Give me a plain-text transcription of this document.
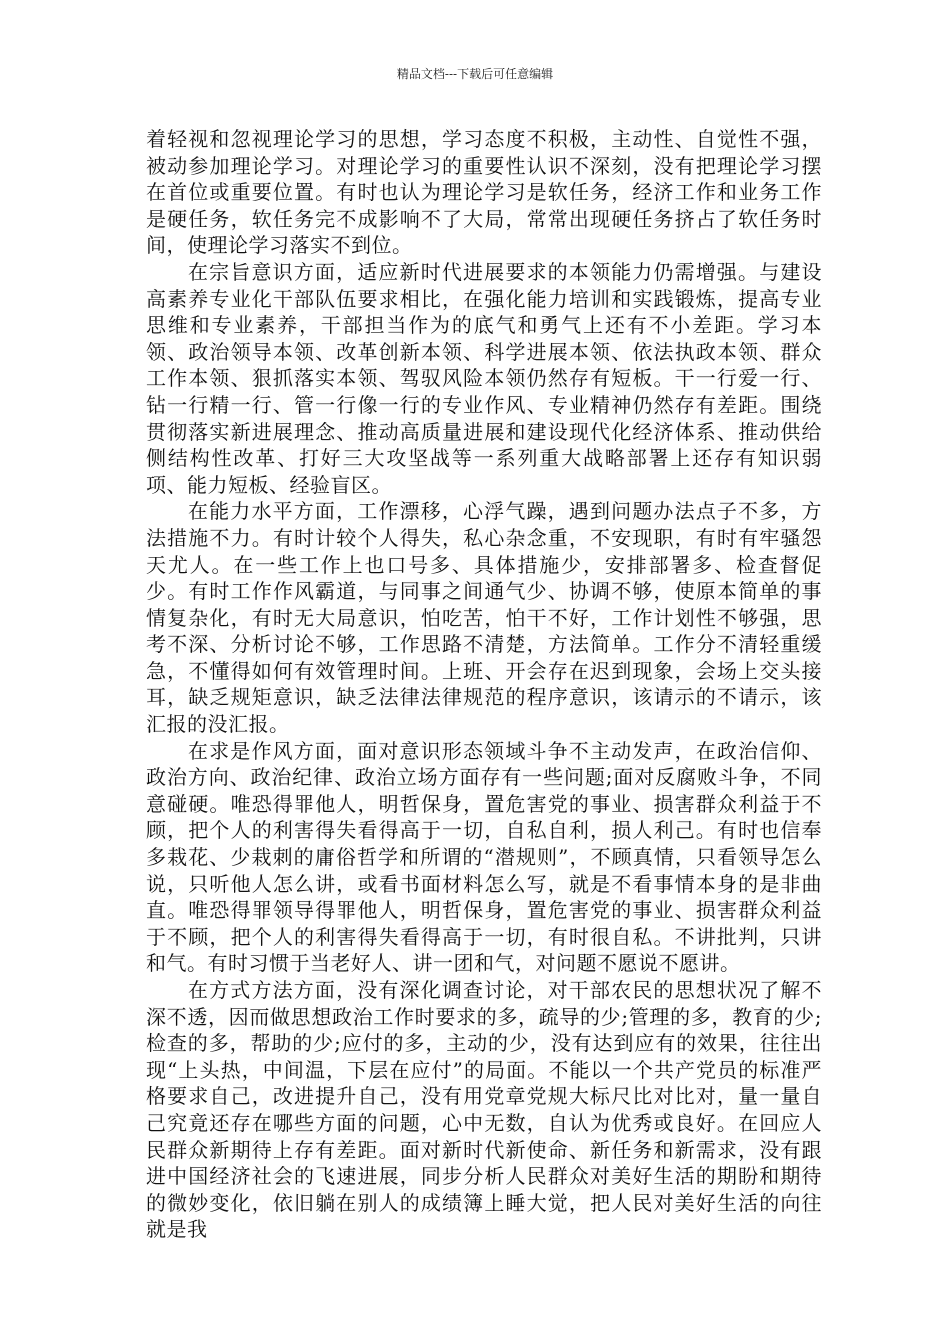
精品文档---下载后可任意编辑

着轻视和忽视理论学习的思想，学习态度不积极，主动性、自觉性不强，被动参加理论学习。对理论学习的重要性认识不深刻，没有把理论学习摆在首位或重要位置。有时也认为理论学习是软任务，经济工作和业务工作是硬任务，软任务完不成影响不了大局，常常出现硬任务挤占了软任务时间，使理论学习落实不到位。

在宗旨意识方面，适应新时代进展要求的本领能力仍需增强。与建设高素养专业化干部队伍要求相比，在强化能力培训和实践锻炼，提高专业思维和专业素养，干部担当作为的底气和勇气上还有不小差距。学习本领、政治领导本领、改革创新本领、科学进展本领、依法执政本领、群众工作本领、狠抓落实本领、驾驭风险本领仍然存有短板。干一行爱一行、钻一行精一行、管一行像一行的专业作风、专业精神仍然存有差距。围绕贯彻落实新进展理念、推动高质量进展和建设现代化经济体系、推动供给侧结构性改革、打好三大攻坚战等一系列重大战略部署上还存有知识弱项、能力短板、经验盲区。

在能力水平方面，工作漂移，心浮气躁，遇到问题办法点子不多，方法措施不力。有时计较个人得失，私心杂念重，不安现职，有时有牢骚怨天尤人。在一些工作上也口号多、具体措施少，安排部署多、检查督促少。有时工作作风霸道，与同事之间通气少、协调不够，使原本简单的事情复杂化，有时无大局意识，怕吃苦，怕干不好，工作计划性不够强，思考不深、分析讨论不够，工作思路不清楚，方法简单。工作分不清轻重缓急，不懂得如何有效管理时间。上班、开会存在迟到现象，会场上交头接耳，缺乏规矩意识，缺乏法律法律规范的程序意识，该请示的不请示，该汇报的没汇报。

在求是作风方面，面对意识形态领域斗争不主动发声，在政治信仰、政治方向、政治纪律、政治立场方面存有一些问题;面对反腐败斗争，不同意碰硬。唯恐得罪他人，明哲保身，置危害党的事业、损害群众利益于不顾，把个人的利害得失看得高于一切，自私自利，损人利己。有时也信奉多栽花、少栽刺的庸俗哲学和所谓的“潜规则”，不顾真情，只看领导怎么说，只听他人怎么讲，或看书面材料怎么写，就是不看事情本身的是非曲直。唯恐得罪领导得罪他人，明哲保身，置危害党的事业、损害群众利益于不顾，把个人的利害得失看得高于一切，有时很自私。不讲批判，只讲和气。有时习惯于当老好人、讲一团和气，对问题不愿说不愿讲。

在方式方法方面，没有深化调查讨论，对干部农民的思想状况了解不深不透，因而做思想政治工作时要求的多，疏导的少;管理的多，教育的少;检查的多，帮助的少;应付的多，主动的少，没有达到应有的效果，往往出现“上头热，中间温，下层在应付”的局面。不能以一个共产党员的标准严格要求自己，改进提升自己，没有用党章党规大标尺比对比对，量一量自己究竟还存在哪些方面的问题，心中无数，自认为优秀或良好。在回应人民群众新期待上存有差距。面对新时代新使命、新任务和新需求，没有跟进中国经济社会的飞速进展，同步分析人民群众对美好生活的期盼和期待的微妙变化，依旧躺在别人的成绩簿上睡大觉，把人民对美好生活的向往就是我
